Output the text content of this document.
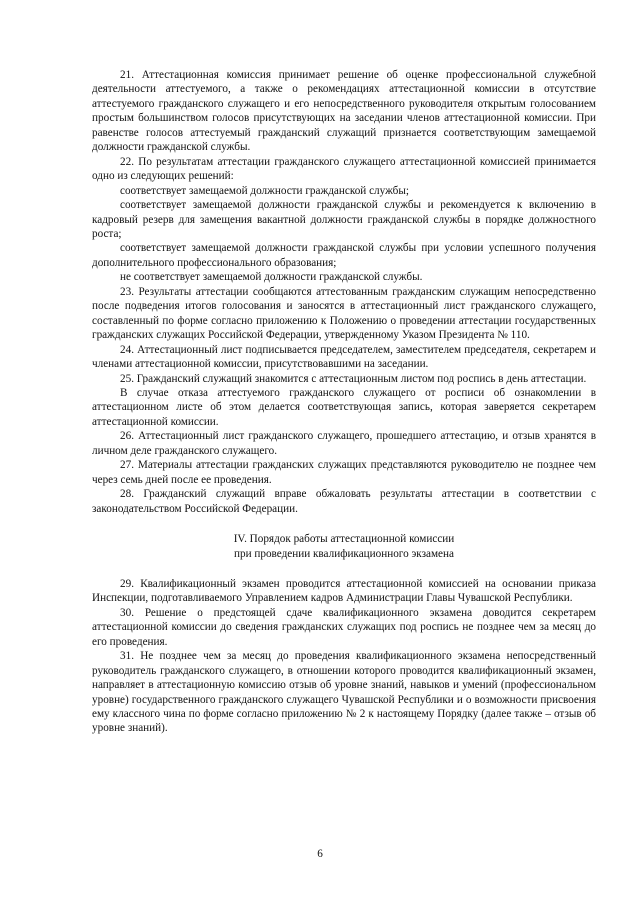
21. Аттестационная комиссия принимает решение об оценке профессиональной служебной деятельности аттестуемого, а также о рекомендациях аттестационной комиссии в отсутствие аттестуемого гражданского служащего и его непосредственного руководителя открытым голосованием простым большинством голосов присутствующих на заседании членов аттестационной комиссии. При равенстве голосов аттестуемый гражданский служащий признается соответствующим замещаемой должности гражданской службы.

22. По результатам аттестации гражданского служащего аттестационной комиссией принимается одно из следующих решений:

соответствует замещаемой должности гражданской службы;

соответствует замещаемой должности гражданской службы и рекомендуется к включению в кадровый резерв для замещения вакантной должности гражданской службы в порядке должностного роста;

соответствует замещаемой должности гражданской службы при условии успешного получения дополнительного профессионального образования;

не соответствует замещаемой должности гражданской службы.

23. Результаты аттестации сообщаются аттестованным гражданским служащим непосредственно после подведения итогов голосования и заносятся в аттестационный лист гражданского служащего, составленный по форме согласно приложению к Положению о проведении аттестации государственных гражданских служащих Российской Федерации, утвержденному Указом Президента № 110.

24. Аттестационный лист подписывается председателем, заместителем председателя, секретарем и членами аттестационной комиссии, присутствовавшими на заседании.

25. Гражданский служащий знакомится с аттестационным листом под роспись в день аттестации.

В случае отказа аттестуемого гражданского служащего от росписи об ознакомлении в аттестационном листе об этом делается соответствующая запись, которая заверяется секретарем аттестационной комиссии.

26. Аттестационный лист гражданского служащего, прошедшего аттестацию, и отзыв хранятся в личном деле гражданского служащего.

27. Материалы аттестации гражданских служащих представляются руководителю не позднее чем через семь дней после ее проведения.

28. Гражданский служащий вправе обжаловать результаты аттестации в соответствии с законодательством Российской Федерации.

IV. Порядок работы аттестационной комиссии
при проведении квалификационного экзамена

29. Квалификационный экзамен проводится аттестационной комиссией на основании приказа Инспекции, подготавливаемого Управлением кадров Администрации Главы Чувашской Республики.

30. Решение о предстоящей сдаче квалификационного экзамена доводится секретарем аттестационной комиссии до сведения гражданских служащих под роспись не позднее чем за месяц до его проведения.

31. Не позднее чем за месяц до проведения квалификационного экзамена непосредственный руководитель гражданского служащего, в отношении которого проводится квалификационный экзамен, направляет в аттестационную комиссию отзыв об уровне знаний, навыков и умений (профессиональном уровне) государственного гражданского служащего Чувашской Республики и о возможности присвоения ему классного чина по форме согласно приложению № 2 к настоящему Порядку (далее также – отзыв об уровне знаний).

6
